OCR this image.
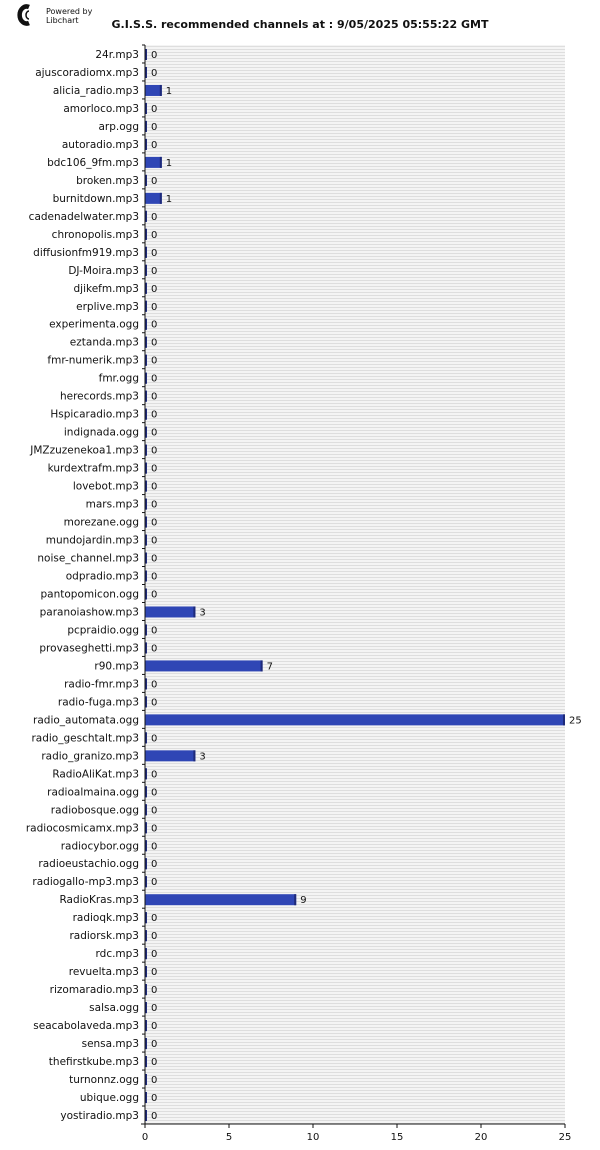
Powered by
Libchart	G.I.S.S. recommended channels at : 9/05/2025 05:55:22 GMT
24r.mp3
ajuscoradiomx.mp3
alicia_radio.mp3
amorloco.mp3
arp.ogg
autoradio.mp3
bdc106_9fm.mp3
broken.mp3
burnitdown.mp3
cadenadelwater.mp3
chronopolis.mp3
diffusionfm919.mp3
DJ-Moira.mp3
djikefm.mp3
erplive.mp3
experimenta.ogg
eztanda.mp3
fmr-numerik.mp3
fmr.ogg
herecords.mp3
Hspicaradio.mp3
indignada.ogg
JMZzuzenekoa1.mp3
kurdextrafm.mp3
lovebot.mp3
mars.mp3
morezane.ogg
mundojardin.mp3
noise_channel.mp3
odpradio.mp3
pantopomicon.ogg
paranoiashow.mp3
pcpraidio.ogg
provaseghetti.mp3
r90.mp3
radio-fmr.mp3
radio-fuga.mp3
radio_automata.ogg
radio_geschtalt.mp3
radio_granizo.mp3
RadioAliKat.mp3
radioalmaina.ogg
radiobosque.ogg
radiocosmicamx.mp3
radiocybor.ogg
radioeustachio.ogg
radiogallo-mp3.mp3
RadioKras.mp3
radioqk.mp3
radiorsk.mp3
rdc.mp3
revuelta.mp3
rizomaradio.mp3
salsa.ogg
seacabolaveda.mp3
sensa.mp3
thefirstkube.mp3
turnonnz.ogg
ubique.ogg
yostiradio.mp3
0
0
1
0
0
0
1
0
1
0
0
0
0
0
0
0
0
0
0
0
0
0
0
0
0
0
0
0
0
0
0
3
0
0
7
0
0
25
0
3
0
0
0
0
0
0
0
9
0
0
0
0
0
0
0
0
0
0
0
0
0	5	10	15	20	25
